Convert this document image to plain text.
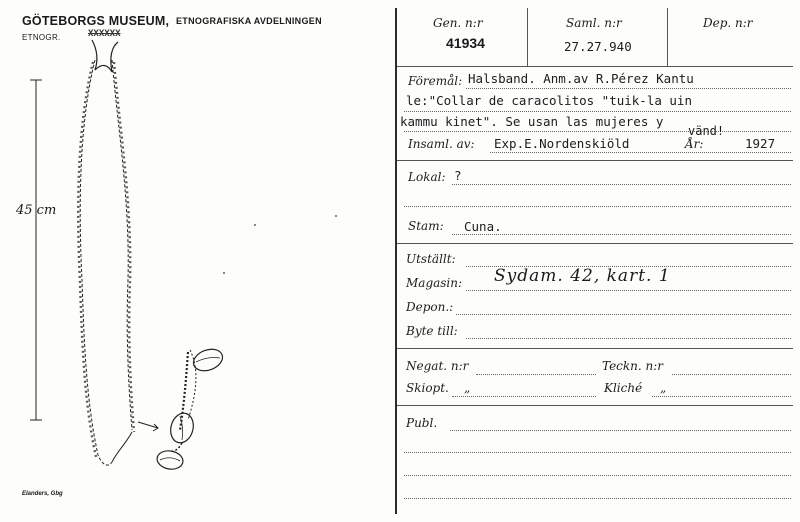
GÖTEBORGS MUSEUM, ETNOGRAFISKA AVDELNINGEN
ETNOGR.	XXXXXX
45 cm
Elanders, Gbg
Gen. n:r
41934
Saml. n:r
27.27.940
Dep. n:r
Föremål: Halsband. Anm.av R.Pérez Kantu
le:"Collar de caracolitos "tuik-la uin
kammu kinet". Se usan las mujeres y
vänd!
Insaml. av: Exp.E.Nordenskiöld	År:	1927
Lokal: ?
Stam: Cuna.
Utställt:
Magasin: Sydam. 42, kart. 1
Depon.:
Byte till:
Negat. n:r	Teckn. n:r
Skiopt. „	Kliché „
Publ.
